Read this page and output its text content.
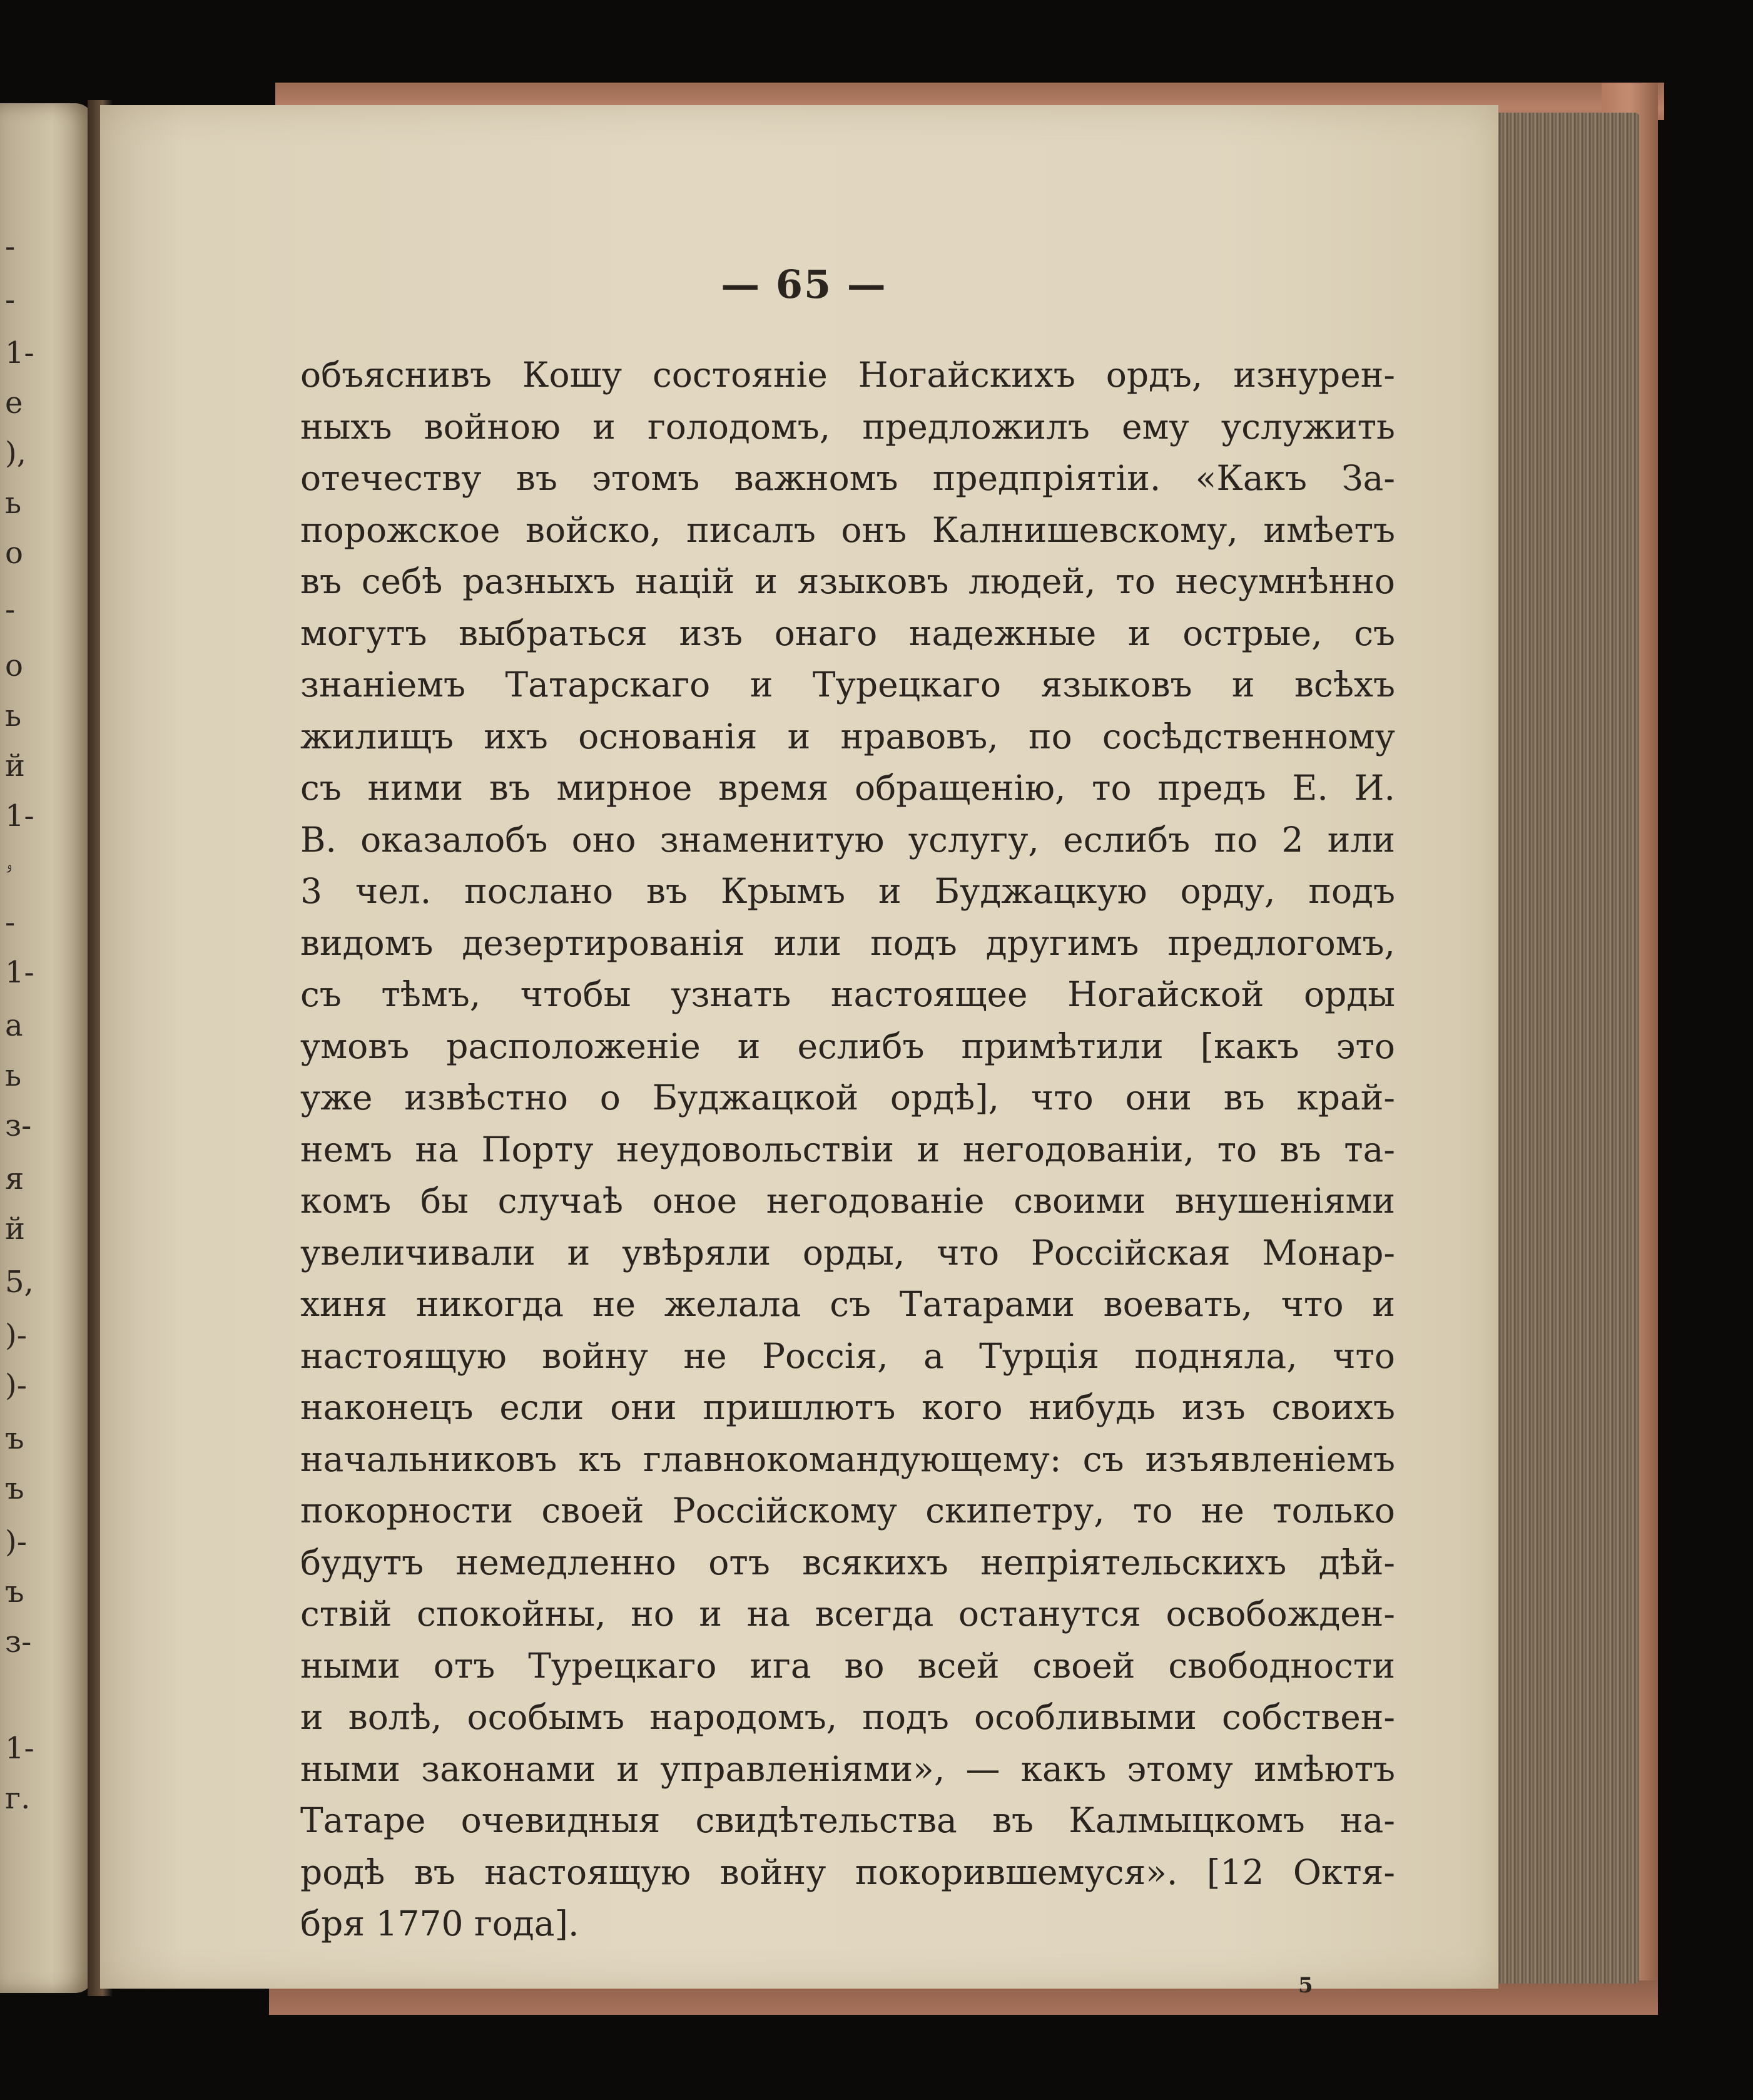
-
-
1-
е
),
ь
о
-
о
ь
й
1-
ۥ
-
1-
а
ь
з-
я
й
5,
)-
)-
ъ
ъ
)-
ъ
з-
1-
г.
— 65 —
объяснивъ Кошу состояніе Ногайскихъ ордъ, изнурен-
ныхъ войною и голодомъ, предложилъ ему услужить
отечеству въ этомъ важномъ предпріятіи. «Какъ За-
порожское войско, писалъ онъ Калнишевскому, имѣетъ
въ себѣ разныхъ націй и языковъ людей, то несумнѣнно
могутъ выбраться изъ онаго надежные и острые, съ
знаніемъ Татарскаго и Турецкаго языковъ и всѣхъ
жилищъ ихъ основанія и нравовъ, по сосѣдственному
съ ними въ мирное время обращенію, то предъ Е. И.
В. оказалобъ оно знаменитую услугу, еслибъ по 2 или
3 чел. послано въ Крымъ и Буджацкую орду, подъ
видомъ дезертированія или подъ другимъ предлогомъ,
съ тѣмъ, чтобы узнать настоящее Ногайской орды
умовъ расположеніе и еслибъ примѣтили [какъ это
уже извѣстно о Буджацкой ордѣ], что они въ край-
немъ на Порту неудовольствіи и негодованіи, то въ та-
комъ бы случаѣ оное негодованіе своими внушеніями
увеличивали и увѣряли орды, что Россійская Монар-
хиня никогда не желала съ Татарами воевать, что и
настоящую войну не Россія, а Турція подняла, что
наконецъ если они пришлютъ кого нибудь изъ своихъ
начальниковъ къ главнокомандующему: съ изъявленіемъ
покорности своей Россійскому скипетру, то не только
будутъ немедленно отъ всякихъ непріятельскихъ дѣй-
ствій спокойны, но и на всегда останутся освобожден-
ными отъ Турецкаго ига во всей своей свободности
и волѣ, особымъ народомъ, подъ особливыми собствен-
ными законами и управленіями», — какъ этому имѣютъ
Татаре очевидныя свидѣтельства въ Калмыцкомъ на-
родѣ въ настоящую войну покорившемуся». [12 Октя-
бря 1770 года].
5
